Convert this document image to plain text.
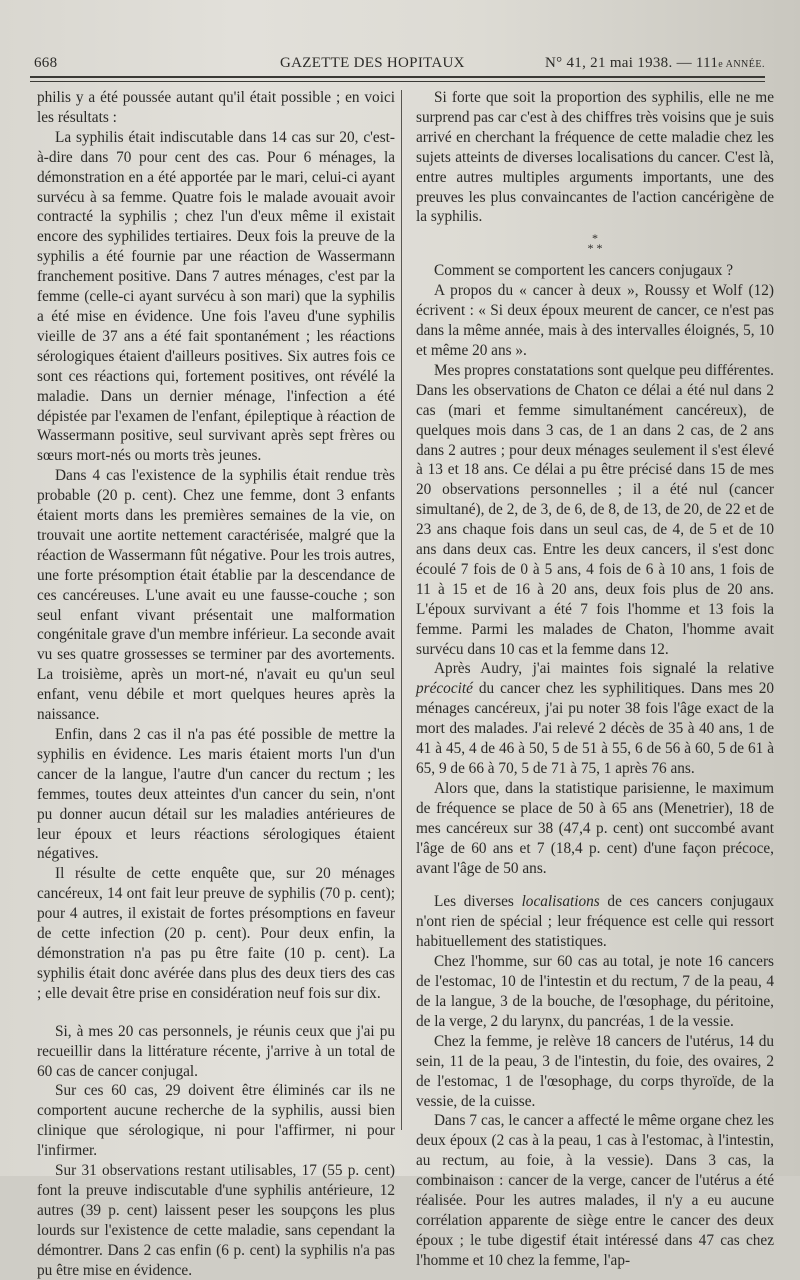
668	GAZETTE DES HOPITAUX	N° 41, 21 mai 1938. — 111e ANNÉE.

philis y a été poussée autant qu'il était possible ; en voici les résultats :

La syphilis était indiscutable dans 14 cas sur 20, c'est-à-dire dans 70 pour cent des cas. Pour 6 ménages, la démonstration en a été apportée par le mari, celui-ci ayant survécu à sa femme. Quatre fois le malade avouait avoir contracté la syphilis ; chez l'un d'eux même il existait encore des syphilides tertiaires. Deux fois la preuve de la syphilis a été fournie par une réaction de Wassermann franchement positive. Dans 7 autres ménages, c'est par la femme (celle-ci ayant survécu à son mari) que la syphilis a été mise en évidence. Une fois l'aveu d'une syphilis vieille de 37 ans a été fait spontanément ; les réactions sérologiques étaient d'ailleurs positives. Six autres fois ce sont ces réactions qui, fortement positives, ont révélé la maladie. Dans un dernier ménage, l'infection a été dépistée par l'examen de l'enfant, épileptique à réaction de Wassermann positive, seul survivant après sept frères ou sœurs mort-nés ou morts très jeunes.

Dans 4 cas l'existence de la syphilis était rendue très probable (20 p. cent). Chez une femme, dont 3 enfants étaient morts dans les premières semaines de la vie, on trouvait une aortite nettement caractérisée, malgré que la réaction de Wassermann fût négative. Pour les trois autres, une forte présomption était établie par la descendance de ces cancéreuses. L'une avait eu une fausse-couche ; son seul enfant vivant présentait une malformation congénitale grave d'un membre inférieur. La seconde avait vu ses quatre grossesses se terminer par des avortements. La troisième, après un mort-né, n'avait eu qu'un seul enfant, venu débile et mort quelques heures après la naissance.

Enfin, dans 2 cas il n'a pas été possible de mettre la syphilis en évidence. Les maris étaient morts l'un d'un cancer de la langue, l'autre d'un cancer du rectum ; les femmes, toutes deux atteintes d'un cancer du sein, n'ont pu donner aucun détail sur les maladies antérieures de leur époux et leurs réactions sérologiques étaient négatives.

Il résulte de cette enquête que, sur 20 ménages cancéreux, 14 ont fait leur preuve de syphilis (70 p. cent); pour 4 autres, il existait de fortes présomptions en faveur de cette infection (20 p. cent). Pour deux enfin, la démonstration n'a pas pu être faite (10 p. cent). La syphilis était donc avérée dans plus des deux tiers des cas ; elle devait être prise en considération neuf fois sur dix.

Si, à mes 20 cas personnels, je réunis ceux que j'ai pu recueillir dans la littérature récente, j'arrive à un total de 60 cas de cancer conjugal.

Sur ces 60 cas, 29 doivent être éliminés car ils ne comportent aucune recherche de la syphilis, aussi bien clinique que sérologique, ni pour l'affirmer, ni pour l'infirmer.

Sur 31 observations restant utilisables, 17 (55 p. cent) font la preuve indiscutable d'une syphilis antérieure, 12 autres (39 p. cent) laissent peser les soupçons les plus lourds sur l'existence de cette maladie, sans cependant la démontrer. Dans 2 cas enfin (6 p. cent) la syphilis n'a pas pu être mise en évidence.

Si forte que soit la proportion des syphilis, elle ne me surprend pas car c'est à des chiffres très voisins que je suis arrivé en cherchant la fréquence de cette maladie chez les sujets atteints de diverses localisations du cancer. C'est là, entre autres multiples arguments importants, une des preuves les plus convaincantes de l'action cancérigène de la syphilis.

*
* *

Comment se comportent les cancers conjugaux ?

A propos du « cancer à deux », Roussy et Wolf (12) écrivent : « Si deux époux meurent de cancer, ce n'est pas dans la même année, mais à des intervalles éloignés, 5, 10 et même 20 ans ».

Mes propres constatations sont quelque peu différentes. Dans les observations de Chaton ce délai a été nul dans 2 cas (mari et femme simultanément cancéreux), de quelques mois dans 3 cas, de 1 an dans 2 cas, de 2 ans dans 2 autres ; pour deux ménages seulement il s'est élevé à 13 et 18 ans. Ce délai a pu être précisé dans 15 de mes 20 observations personnelles ; il a été nul (cancer simultané), de 2, de 3, de 6, de 8, de 13, de 20, de 22 et de 23 ans chaque fois dans un seul cas, de 4, de 5 et de 10 ans dans deux cas. Entre les deux cancers, il s'est donc écoulé 7 fois de 0 à 5 ans, 4 fois de 6 à 10 ans, 1 fois de 11 à 15 et de 16 à 20 ans, deux fois plus de 20 ans. L'époux survivant a été 7 fois l'homme et 13 fois la femme. Parmi les malades de Chaton, l'homme avait survécu dans 10 cas et la femme dans 12.

Après Audry, j'ai maintes fois signalé la relative précocité du cancer chez les syphilitiques. Dans mes 20 ménages cancéreux, j'ai pu noter 38 fois l'âge exact de la mort des malades. J'ai relevé 2 décès de 35 à 40 ans, 1 de 41 à 45, 4 de 46 à 50, 5 de 51 à 55, 6 de 56 à 60, 5 de 61 à 65, 9 de 66 à 70, 5 de 71 à 75, 1 après 76 ans.

Alors que, dans la statistique parisienne, le maximum de fréquence se place de 50 à 65 ans (Menetrier), 18 de mes cancéreux sur 38 (47,4 p. cent) ont succombé avant l'âge de 60 ans et 7 (18,4 p. cent) d'une façon précoce, avant l'âge de 50 ans.

Les diverses localisations de ces cancers conjugaux n'ont rien de spécial ; leur fréquence est celle qui ressort habituellement des statistiques.

Chez l'homme, sur 60 cas au total, je note 16 cancers de l'estomac, 10 de l'intestin et du rectum, 7 de la peau, 4 de la langue, 3 de la bouche, de l'œsophage, du péritoine, de la verge, 2 du larynx, du pancréas, 1 de la vessie.

Chez la femme, je relève 18 cancers de l'utérus, 14 du sein, 11 de la peau, 3 de l'intestin, du foie, des ovaires, 2 de l'estomac, 1 de l'œsophage, du corps thyroïde, de la vessie, de la cuisse.

Dans 7 cas, le cancer a affecté le même organe chez les deux époux (2 cas à la peau, 1 cas à l'estomac, à l'intestin, au rectum, au foie, à la vessie). Dans 3 cas, la combinaison : cancer de la verge, cancer de l'utérus a été réalisée. Pour les autres malades, il n'y a eu aucune corrélation apparente de siège entre le cancer des deux époux ; le tube digestif était intéressé dans 47 cas chez l'homme et 10 chez la femme, l'ap-
